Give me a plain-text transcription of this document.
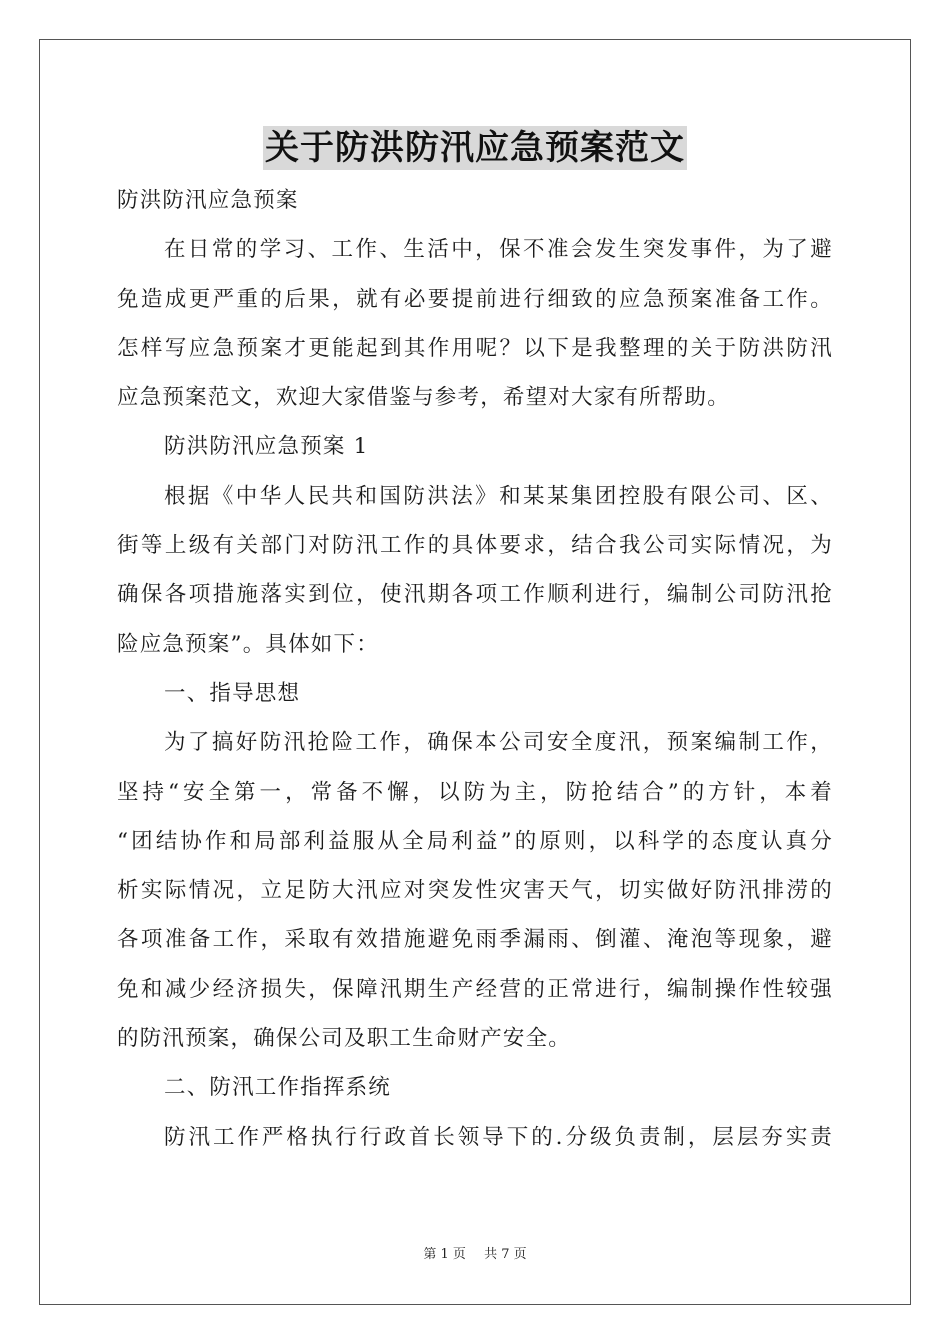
关于防洪防汛应急预案范文
防洪防汛应急预案
在日常的学习、工作、生活中，保不准会发生突发事件，为了避
免造成更严重的后果，就有必要提前进行细致的应急预案准备工作。
怎样写应急预案才更能起到其作用呢？以下是我整理的关于防洪防汛
应急预案范文，欢迎大家借鉴与参考，希望对大家有所帮助。
防洪防汛应急预案 1
根据《中华人民共和国防洪法》和某某集团控股有限公司、区、
街等上级有关部门对防汛工作的具体要求，结合我公司实际情况，为
确保各项措施落实到位，使汛期各项工作顺利进行，编制公司防汛抢
险应急预案”。具体如下：
一、指导思想
为了搞好防汛抢险工作，确保本公司安全度汛，预案编制工作，
坚持“安全第一，常备不懈，以防为主，防抢结合”的方针，本着
“团结协作和局部利益服从全局利益”的原则，以科学的态度认真分
析实际情况，立足防大汛应对突发性灾害天气，切实做好防汛排涝的
各项准备工作，采取有效措施避免雨季漏雨、倒灌、淹泡等现象，避
免和减少经济损失，保障汛期生产经营的正常进行，编制操作性较强
的防汛预案，确保公司及职工生命财产安全。
二、防汛工作指挥系统
防汛工作严格执行行政首长领导下的.分级负责制，层层夯实责
第 1 页 共 7 页
